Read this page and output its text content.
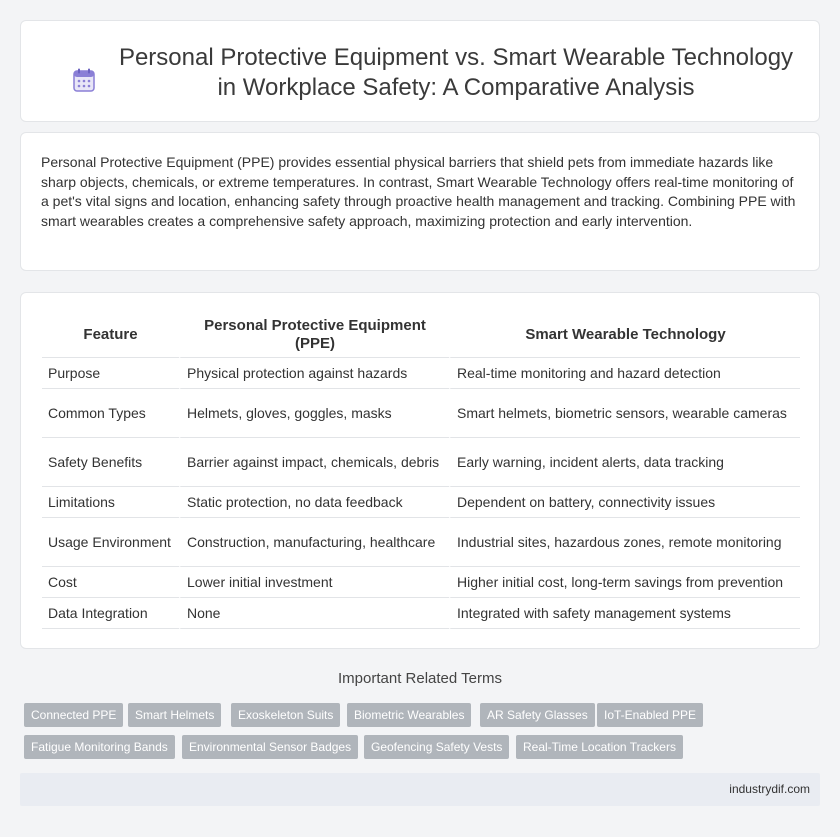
Personal Protective Equipment vs. Smart Wearable Technology in Workplace Safety: A Comparative Analysis

Personal Protective Equipment (PPE) provides essential physical barriers that shield pets from immediate hazards like sharp objects, chemicals, or extreme temperatures. In contrast, Smart Wearable Technology offers real-time monitoring of a pet's vital signs and location, enhancing safety through proactive health management and tracking. Combining PPE with smart wearables creates a comprehensive safety approach, maximizing protection and early intervention.

Feature	Personal Protective Equipment (PPE)	Smart Wearable Technology
Purpose	Physical protection against hazards	Real-time monitoring and hazard detection
Common Types	Helmets, gloves, goggles, masks	Smart helmets, biometric sensors, wearable cameras
Safety Benefits	Barrier against impact, chemicals, debris	Early warning, incident alerts, data tracking
Limitations	Static protection, no data feedback	Dependent on battery, connectivity issues
Usage Environment	Construction, manufacturing, healthcare	Industrial sites, hazardous zones, remote monitoring
Cost	Lower initial investment	Higher initial cost, long-term savings from prevention
Data Integration	None	Integrated with safety management systems
Important Related Terms
Connected PPE	Smart Helmets	Exoskeleton Suits	Biometric Wearables	AR Safety Glasses	IoT-Enabled PPE
Fatigue Monitoring Bands	Environmental Sensor Badges	Geofencing Safety Vests	Real-Time Location Trackers
industrydif.com
